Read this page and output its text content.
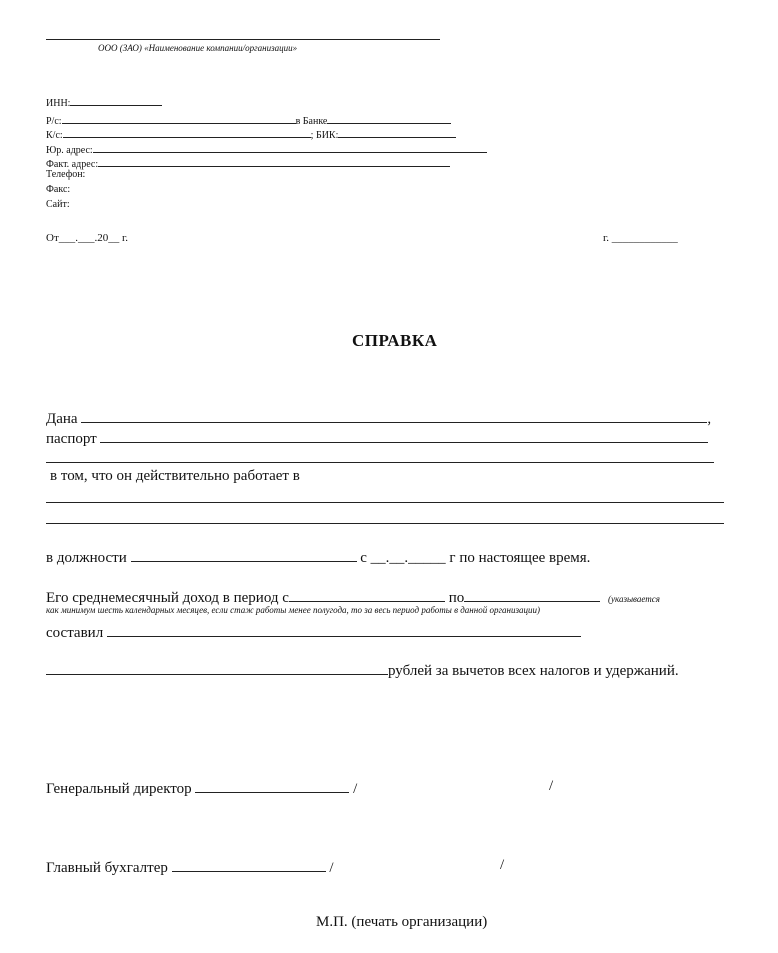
ООО (ЗАО) «Наименование компании/организации»
ИНН:
Р/с:	в Банке
К/с:	; БИК:
Юр. адрес:
Факт. адрес:
Телефон:
Факс:
Сайт:
От___.___.20__ г.	г. ____________
СПРАВКА
Дана	,
паспорт
в том, что он действительно работает в
в должности	с __.__._____ г по настоящее время.
Его среднемесячный доход в период с	по	(указывается
как минимум шесть календарных месяцев, если стаж работы менее полугода, то за весь период работы в данной организации)
составил
рублей за вычетов всех налогов и удержаний.
Генеральный директор	/	/
Главный бухгалтер	/	/
М.П. (печать организации)
